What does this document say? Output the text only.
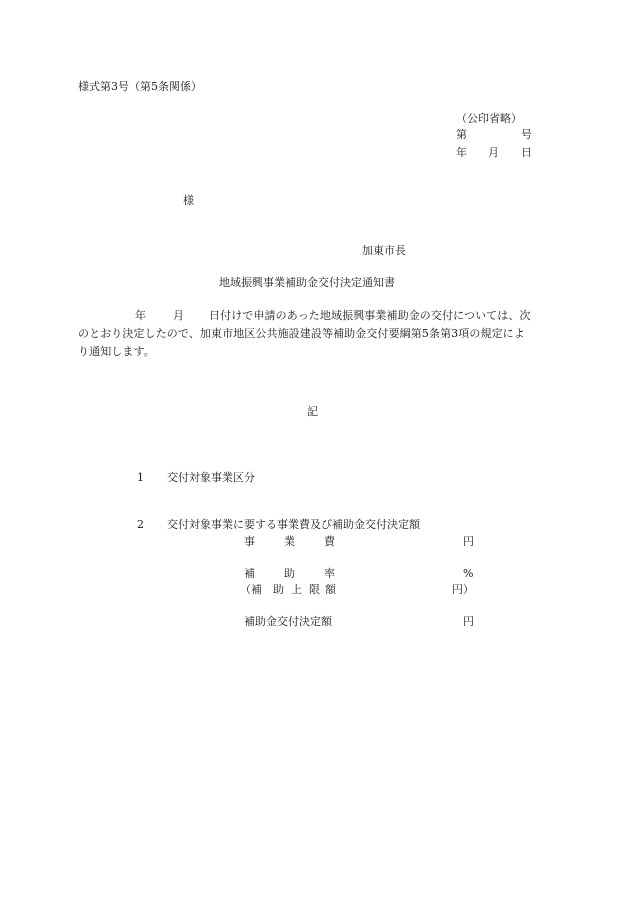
様式第3号（第5条関係）
（公印省略）
第	号
年 月 日
様
加東市長
地域振興事業補助金交付決定通知書
年 月 日付けで申請のあった地域振興事業補助金の交付については、次
のとおり決定したので、加東市地区公共施設建設等補助金交付要綱第5条第3項の規定によ
り通知します。
記
1 交付対象事業区分
2 交付対象事業に要する事業費及び補助金交付決定額
事	業	費	円
補	助	率	%
（補 助 上 限 額	円）
補助金交付決定額	円
